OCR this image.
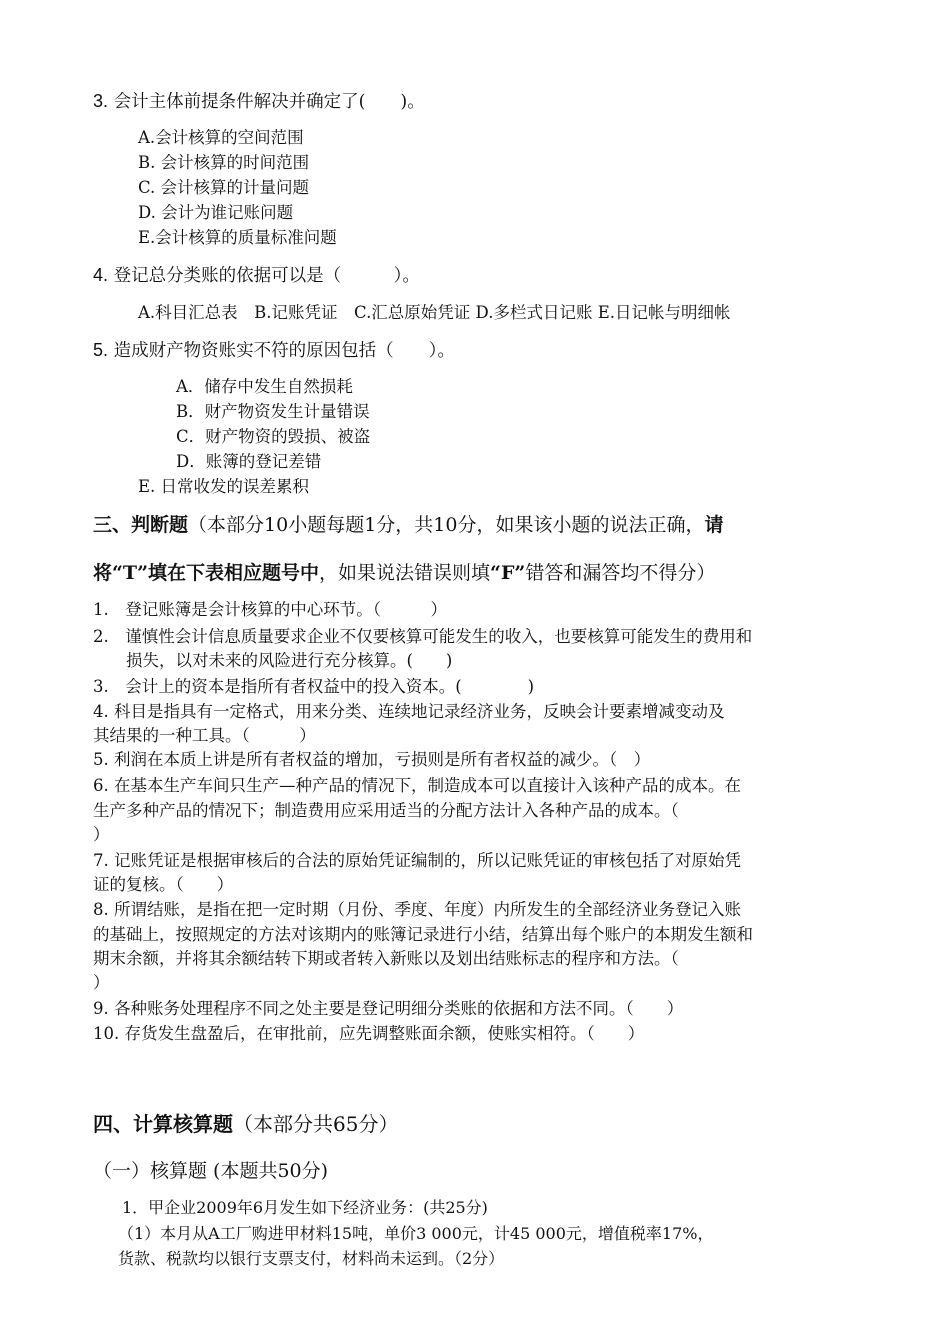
3. 会计主体前提条件解决并确定了(　　)。
A.会计核算的空间范围
B. 会计核算的时间范围
C. 会计核算的计量问题
D. 会计为谁记账问题
E.会计核算的质量标准问题
4. 登记总分类账的依据可以是（　　　）。
A.科目汇总表　B.记账凭证　C.汇总原始凭证 D.多栏式日记账 E.日记帐与明细帐
5. 造成财产物资账实不符的原因包括（　　）。
A．储存中发生自然损耗
B．财产物资发生计量错误
C．财产物资的毁损、被盗
D．账簿的登记差错
E. 日常收发的误差累积
三、判断题（本部分10小题每题1分，共10分，如果该小题的说法正确，请
将“T”填在下表相应题号中，如果说法错误则填“F”错答和漏答均不得分）
1.　登记账簿是会计核算的中心环节。（　　　）
2.　谨慎性会计信息质量要求企业不仅要核算可能发生的收入，也要核算可能发生的费用和
　　损失，以对未来的风险进行充分核算。(　　)
3.　会计上的资本是指所有者权益中的投入资本。(　　　　)
4. 科目是指具有一定格式，用来分类、连续地记录经济业务，反映会计要素增减变动及
其结果的一种工具。（　　　）
5. 利润在本质上讲是所有者权益的增加，亏损则是所有者权益的减少。（　）
6. 在基本生产车间只生产—种产品的情况下，制造成本可以直接计入该种产品的成本。在
生产多种产品的情况下；制造费用应采用适当的分配方法计入各种产品的成本。（
）
7. 记账凭证是根据审核后的合法的原始凭证编制的，所以记账凭证的审核包括了对原始凭
证的复核。（　　）
8. 所谓结账，是指在把一定时期（月份、季度、年度）内所发生的全部经济业务登记入账
的基础上，按照规定的方法对该期内的账簿记录进行小结，结算出每个账户的本期发生额和
期末余额，并将其余额结转下期或者转入新账以及划出结账标志的程序和方法。（
）
9. 各种账务处理程序不同之处主要是登记明细分类账的依据和方法不同。（　　）
10. 存货发生盘盈后，在审批前，应先调整账面余额，使账实相符。（　　）
四、计算核算题（本部分共65分）
（一）核算题 (本题共50分)
1．甲企业2009年6月发生如下经济业务：(共25分)
（1）本月从A工厂购进甲材料15吨，单价3 000元，计45 000元，增值税率17%，
货款、税款均以银行支票支付，材料尚未运到。（2分）
